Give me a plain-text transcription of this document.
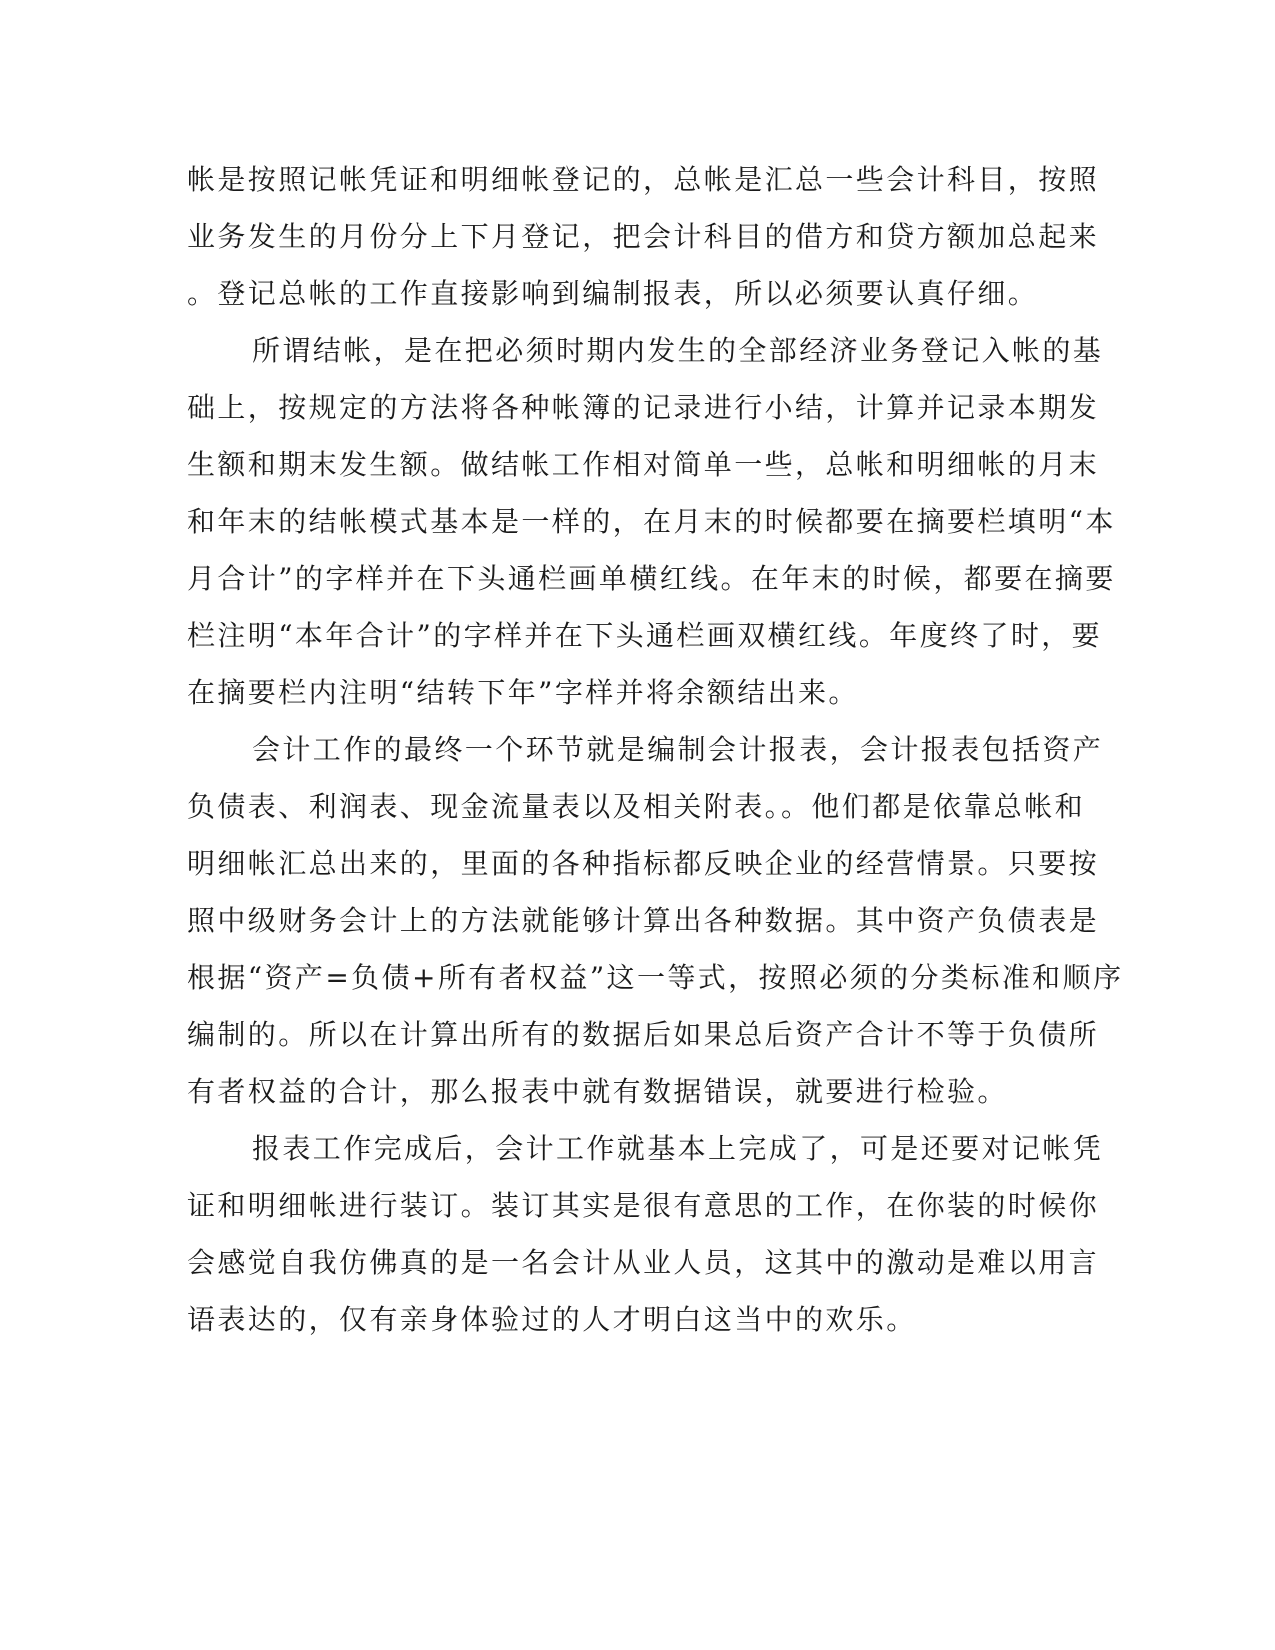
帐是按照记帐凭证和明细帐登记的，总帐是汇总一些会计科目，按照
业务发生的月份分上下月登记，把会计科目的借方和贷方额加总起来
。登记总帐的工作直接影响到编制报表，所以必须要认真仔细。
所谓结帐，是在把必须时期内发生的全部经济业务登记入帐的基
础上，按规定的方法将各种帐簿的记录进行小结，计算并记录本期发
生额和期末发生额。做结帐工作相对简单一些，总帐和明细帐的月末
和年末的结帐模式基本是一样的，在月末的时候都要在摘要栏填明“本
月合计”的字样并在下头通栏画单横红线。在年末的时候，都要在摘要
栏注明“本年合计”的字样并在下头通栏画双横红线。年度终了时，要
在摘要栏内注明“结转下年”字样并将余额结出来。
会计工作的最终一个环节就是编制会计报表，会计报表包括资产
负债表、利润表、现金流量表以及相关附表。。他们都是依靠总帐和
明细帐汇总出来的，里面的各种指标都反映企业的经营情景。只要按
照中级财务会计上的方法就能够计算出各种数据。其中资产负债表是
根据“资产=负债+所有者权益”这一等式，按照必须的分类标准和顺序
编制的。所以在计算出所有的数据后如果总后资产合计不等于负债所
有者权益的合计，那么报表中就有数据错误，就要进行检验。
报表工作完成后，会计工作就基本上完成了，可是还要对记帐凭
证和明细帐进行装订。装订其实是很有意思的工作，在你装的时候你
会感觉自我仿佛真的是一名会计从业人员，这其中的激动是难以用言
语表达的，仅有亲身体验过的人才明白这当中的欢乐。
